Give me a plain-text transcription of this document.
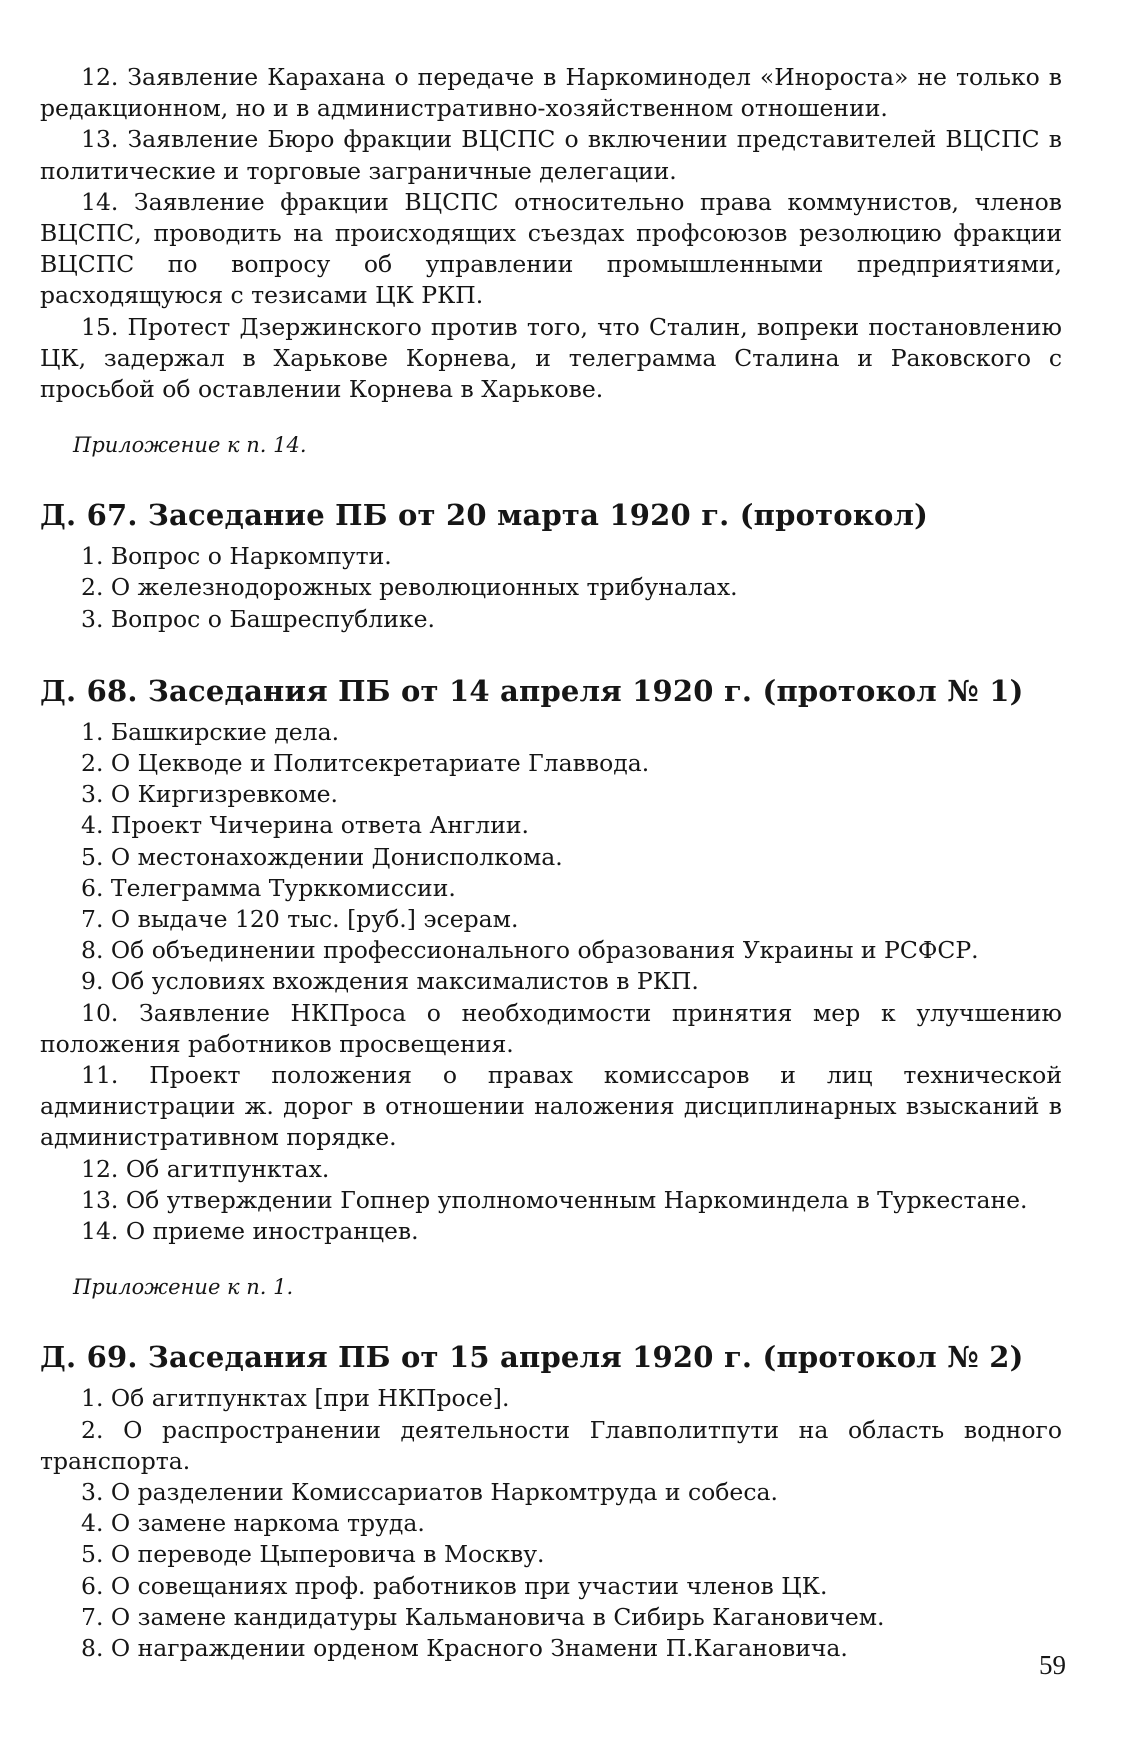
12. Заявление Карахана о передаче в Наркоминодел «Инороста» не только в редакционном, но и в административно-хозяйственном отношении.

13. Заявление Бюро фракции ВЦСПС о включении представителей ВЦСПС в политические и торговые заграничные делегации.

14. Заявление фракции ВЦСПС относительно права коммунистов, членов ВЦСПС, проводить на происходящих съездах профсоюзов резолюцию фракции ВЦСПС по вопросу об управлении промышленными предприятиями, расходящуюся с тезисами ЦК РКП.

15. Протест Дзержинского против того, что Сталин, вопреки постановлению ЦК, задержал в Харькове Корнева, и телеграмма Сталина и Раковского с просьбой об оставлении Корнева в Харькове.

Приложение к п. 14.
Д. 67. Заседание ПБ от 20 марта 1920 г. (протокол)

1. Вопрос о Наркомпути.

2. О железнодорожных революционных трибуналах.

3. Вопрос о Башреспублике.

Д. 68. Заседания ПБ от 14 апреля 1920 г. (протокол № 1)

1. Башкирские дела.

2. О Цекводе и Политсекретариате Главвода.

3. О Киргизревкоме.

4. Проект Чичерина ответа Англии.

5. О местонахождении Донисполкома.

6. Телеграмма Турккомиссии.

7. О выдаче 120 тыс. [руб.] эсерам.

8. Об объединении профессионального образования Украины и РСФСР.

9. Об условиях вхождения максималистов в РКП.

10. Заявление НКПроса о необходимости принятия мер к улучшению положения работников просвещения.

11. Проект положения о правах комиссаров и лиц технической администрации ж. дорог в отношении наложения дисциплинарных взысканий в административном порядке.

12. Об агитпунктах.

13. Об утверждении Гопнер уполномоченным Наркоминдела в Туркестане.

14. О приеме иностранцев.

Приложение к п. 1.
Д. 69. Заседания ПБ от 15 апреля 1920 г. (протокол № 2)

1. Об агитпунктах [при НКПросе].

2. О распространении деятельности Главполитпути на область водного транспорта.

3. О разделении Комиссариатов Наркомтруда и собеса.

4. О замене наркома труда.

5. О переводе Цыперовича в Москву.

6. О совещаниях проф. работников при участии членов ЦК.

7. О замене кандидатуры Кальмановича в Сибирь Кагановичем.

8. О награждении орденом Красного Знамени П.Кагановича.

59
